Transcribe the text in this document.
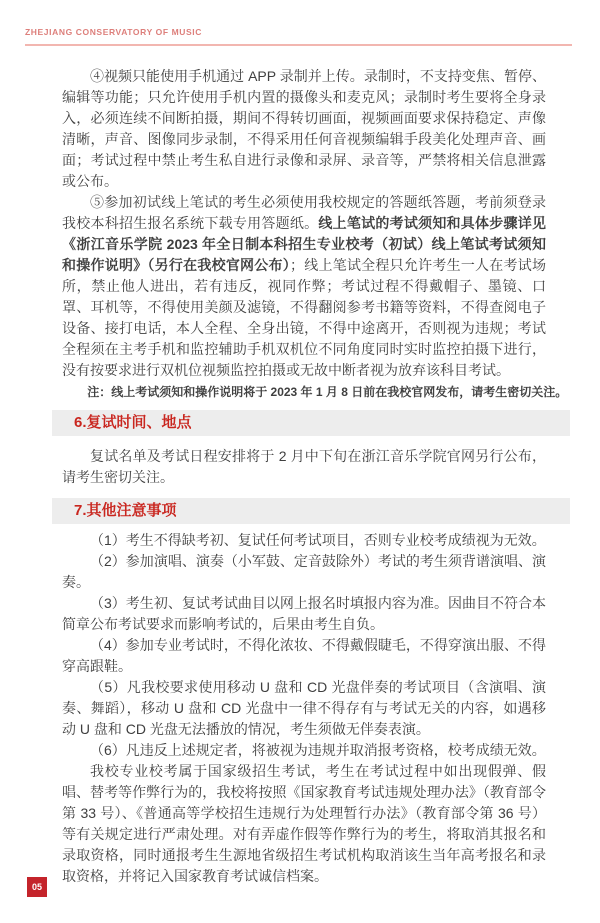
ZHEJIANG CONSERVATORY OF MUSIC

④视频只能使用手机通过 APP 录制并上传。录制时，不支持变焦、暂停、编辑等功能；只允许使用手机内置的摄像头和麦克风；录制时考生要将全身录入，必须连续不间断拍摄，期间不得转切画面，视频画面要求保持稳定、声像清晰，声音、图像同步录制，不得采用任何音视频编辑手段美化处理声音、画面；考试过程中禁止考生私自进行录像和录屏、录音等，严禁将相关信息泄露或公布。

⑤参加初试线上笔试的考生必须使用我校规定的答题纸答题，考前须登录我校本科招生报名系统下载专用答题纸。线上笔试的考试须知和具体步骤详见《浙江音乐学院 2023 年全日制本科招生专业校考（初试）线上笔试考试须知和操作说明》（另行在我校官网公布）；线上笔试全程只允许考生一人在考试场所，禁止他人进出，若有违反，视同作弊；考试过程不得戴帽子、墨镜、口罩、耳机等，不得使用美颜及滤镜，不得翻阅参考书籍等资料，不得查阅电子设备、接打电话，本人全程、全身出镜，不得中途离开，否则视为违规；考试全程须在主考手机和监控辅助手机双机位不同角度同时实时监控拍摄下进行，没有按要求进行双机位视频监控拍摄或无故中断者视为放弃该科目考试。

注：线上考试须知和操作说明将于 2023 年 1 月 8 日前在我校官网发布，请考生密切关注。

6.复试时间、地点

复试名单及考试日程安排将于 2 月中下旬在浙江音乐学院官网另行公布，请考生密切关注。

7.其他注意事项

（1）考生不得缺考初、复试任何考试项目，否则专业校考成绩视为无效。

（2）参加演唱、演奏（小军鼓、定音鼓除外）考试的考生须背谱演唱、演奏。

（3）考生初、复试考试曲目以网上报名时填报内容为准。因曲目不符合本简章公布考试要求而影响考试的，后果由考生自负。

（4）参加专业考试时，不得化浓妆、不得戴假睫毛，不得穿演出服、不得穿高跟鞋。

（5）凡我校要求使用移动 U 盘和 CD 光盘伴奏的考试项目（含演唱、演奏、舞蹈），移动 U 盘和 CD 光盘中一律不得存有与考试无关的内容，如遇移动 U 盘和 CD 光盘无法播放的情况，考生须做无伴奏表演。

（6）凡违反上述规定者，将被视为违规并取消报考资格，校考成绩无效。

我校专业校考属于国家级招生考试，考生在考试过程中如出现假弹、假唱、替考等作弊行为的，我校将按照《国家教育考试违规处理办法》（教育部令第 33 号）、《普通高等学校招生违规行为处理暂行办法》（教育部令第 36 号）等有关规定进行严肃处理。对有弄虚作假等作弊行为的考生，将取消其报名和录取资格，同时通报考生生源地省级招生考试机构取消该生当年高考报名和录取资格，并将记入国家教育考试诚信档案。

05
